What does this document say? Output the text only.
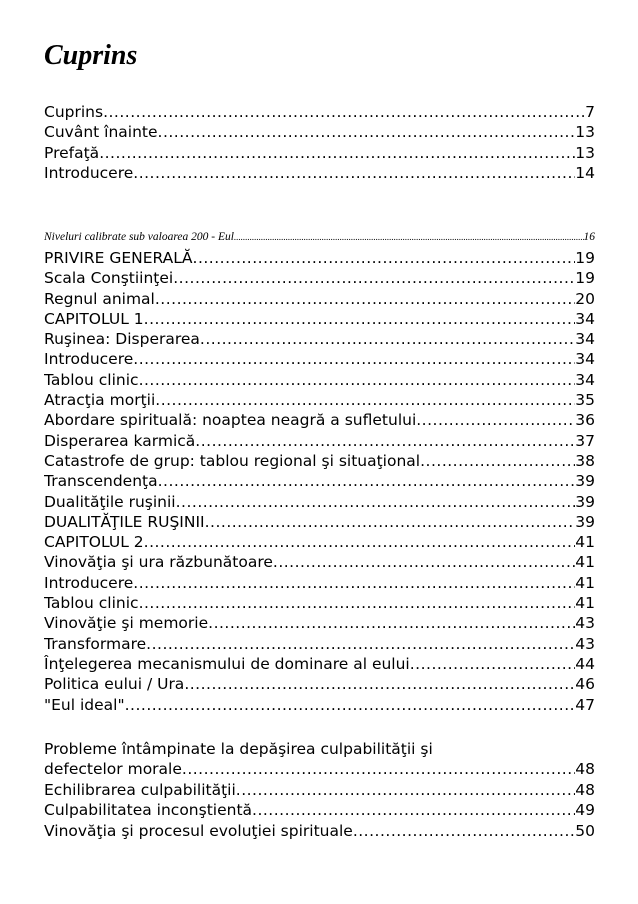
Cuprins
Cuprins .....	7
Cuvânt înainte .....	13
Prefaţă .....	13
Introducere .....	14
Niveluri calibrate sub valoarea 200 - Eul .....	16
PRIVIRE GENERALĂ .....	19
Scala Conştiinţei .....	19
Regnul animal .....	20
CAPITOLUL 1 .....	34
Ruşinea: Disperarea .....	34
Introducere .....	34
Tablou clinic .....	34
Atracţia morţii .....	35
Abordare spirituală: noaptea neagră a sufletului .....	36
Disperarea karmică .....	37
Catastrofe de grup: tablou regional şi situaţional .....	38
Transcendenţa .....	39
Dualităţile ruşinii .....	39
DUALITĂŢILE RUŞINII .....	39
CAPITOLUL 2 .....	41
Vinovăţia şi ura răzbunătoare .....	41
Introducere .....	41
Tablou clinic .....	41
Vinovăţie şi memorie .....	43
Transformare .....	43
Înţelegerea mecanismului de dominare al eului .....	44
Politica eului / Ura .....	46
"Eul ideal" .....	47
Probleme întâmpinate la depăşirea culpabilităţii şi
defectelor morale .....	48
Echilibrarea culpabilităţii .....	48
Culpabilitatea inconştientă .....	49
Vinovăţia şi procesul evoluţiei spirituale .....	50
